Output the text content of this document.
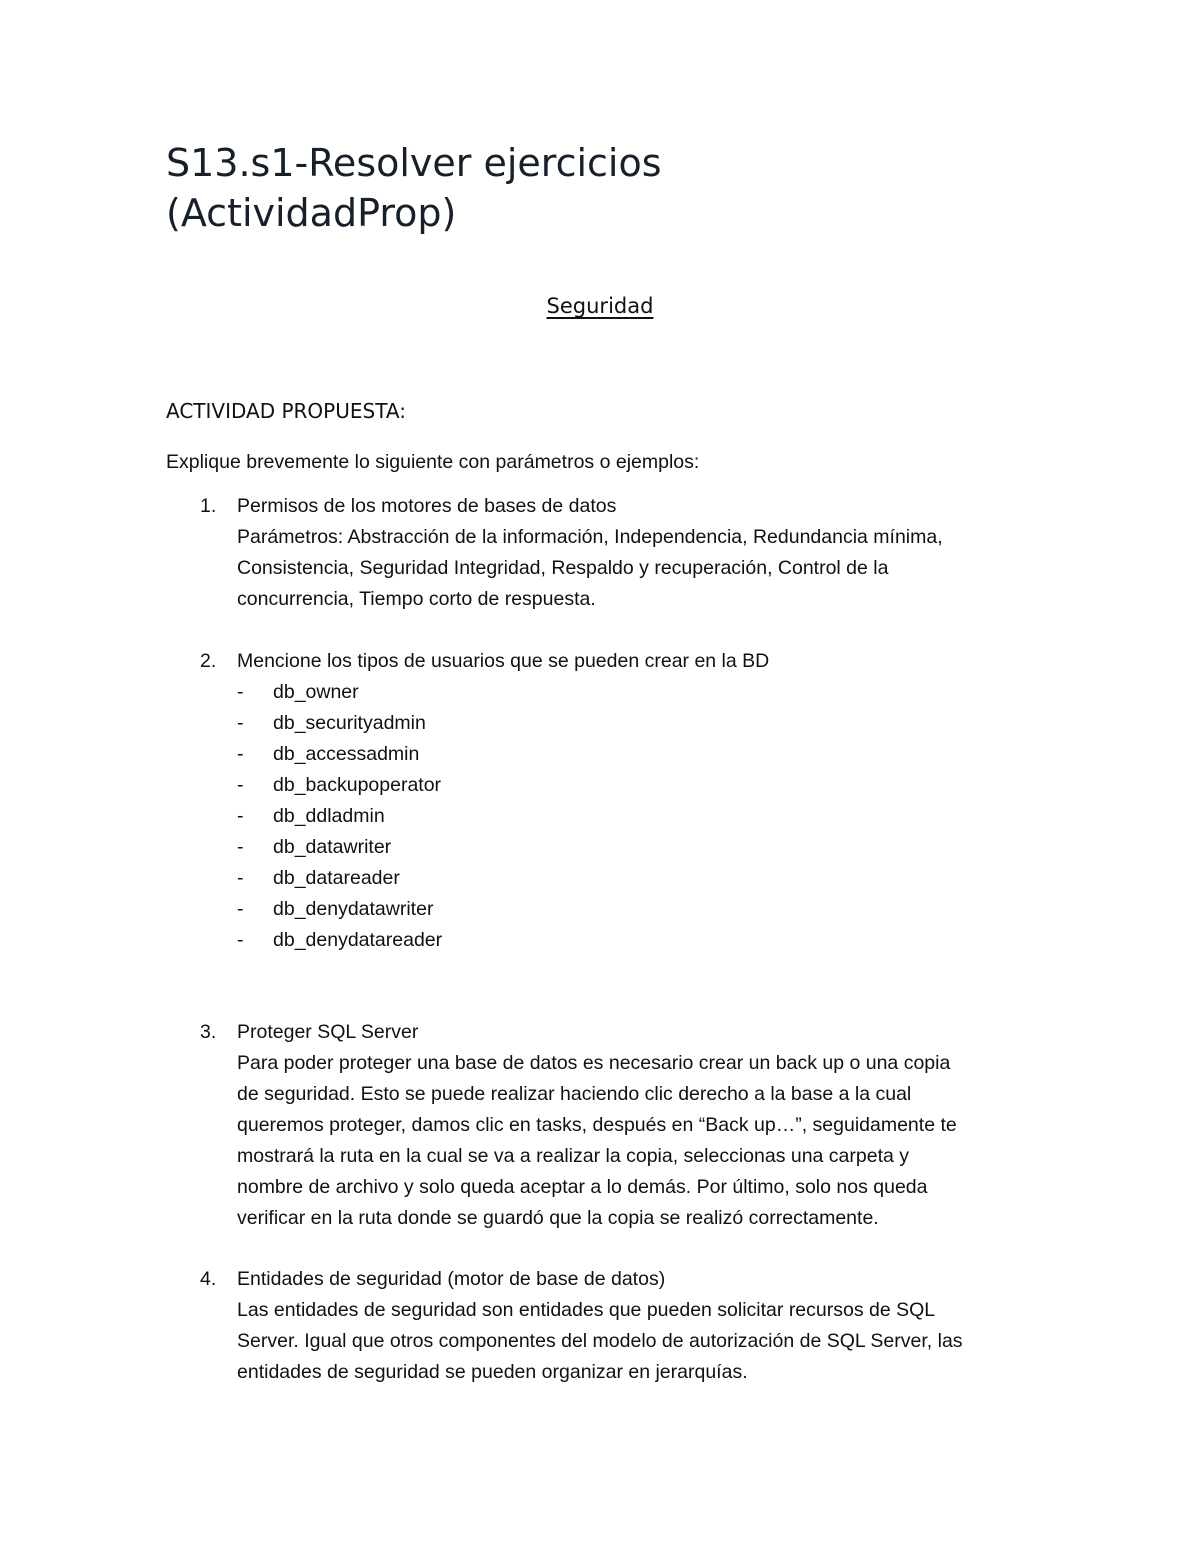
S13.s1-Resolver ejercicios
(ActividadProp)
Seguridad
ACTIVIDAD PROPUESTA:
Explique brevemente lo siguiente con parámetros o ejemplos:
1.	Permisos de los motores de bases de datos

Parámetros: Abstracción de la información, Independencia, Redundancia mínima,

Consistencia, Seguridad Integridad, Respaldo y recuperación, Control de la

concurrencia, Tiempo corto de respuesta.

2.	Mencione los tipos de usuarios que se pueden crear en la BD

- db_owner
- db_securityadmin
- db_accessadmin
- db_backupoperator
- db_ddladmin
- db_datawriter
- db_datareader
- db_denydatawriter
- db_denydatareader
3.	Proteger SQL Server

Para poder proteger una base de datos es necesario crear un back up o una copia

de seguridad. Esto se puede realizar haciendo clic derecho a la base a la cual

queremos proteger, damos clic en tasks, después en “Back up…”, seguidamente te

mostrará la ruta en la cual se va a realizar la copia, seleccionas una carpeta y

nombre de archivo y solo queda aceptar a lo demás. Por último, solo nos queda

verificar en la ruta donde se guardó que la copia se realizó correctamente.

4.	Entidades de seguridad (motor de base de datos)

Las entidades de seguridad son entidades que pueden solicitar recursos de SQL

Server. Igual que otros componentes del modelo de autorización de SQL Server, las

entidades de seguridad se pueden organizar en jerarquías.
